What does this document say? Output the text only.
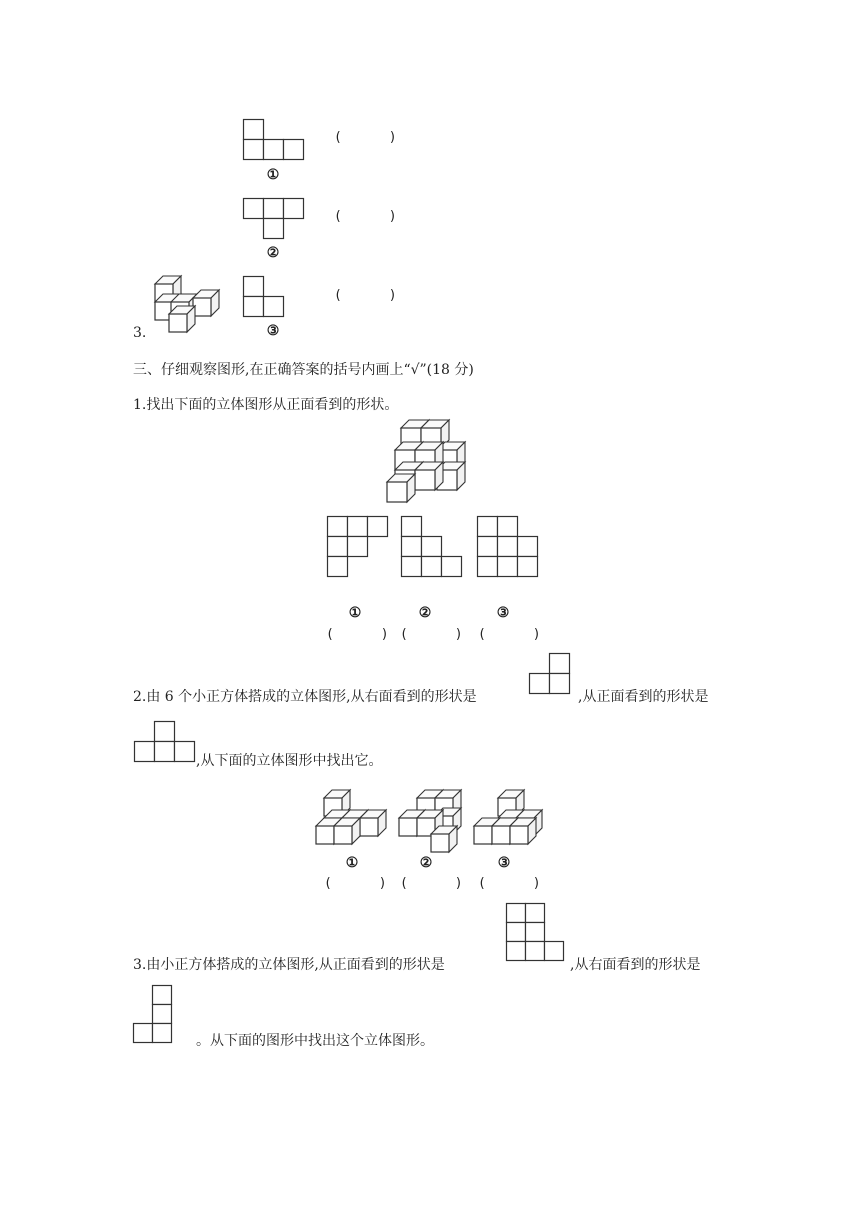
(      )
①
(      )
②
(      )
③
3.
三、仔细观察图形,在正确答案的括号内画上“√”(18 分)
1.找出下面的立体图形从正面看到的形状。
①	②	③
(      ) (      ) (      )
2.由 6 个小正方体搭成的立体图形,从右面看到的形状是	,从正面看到的形状是
,从下面的立体图形中找出它。
①	②	③
(      ) (      ) (      )
3.由小正方体搭成的立体图形,从正面看到的形状是	,从右面看到的形状是
。从下面的图形中找出这个立体图形。
